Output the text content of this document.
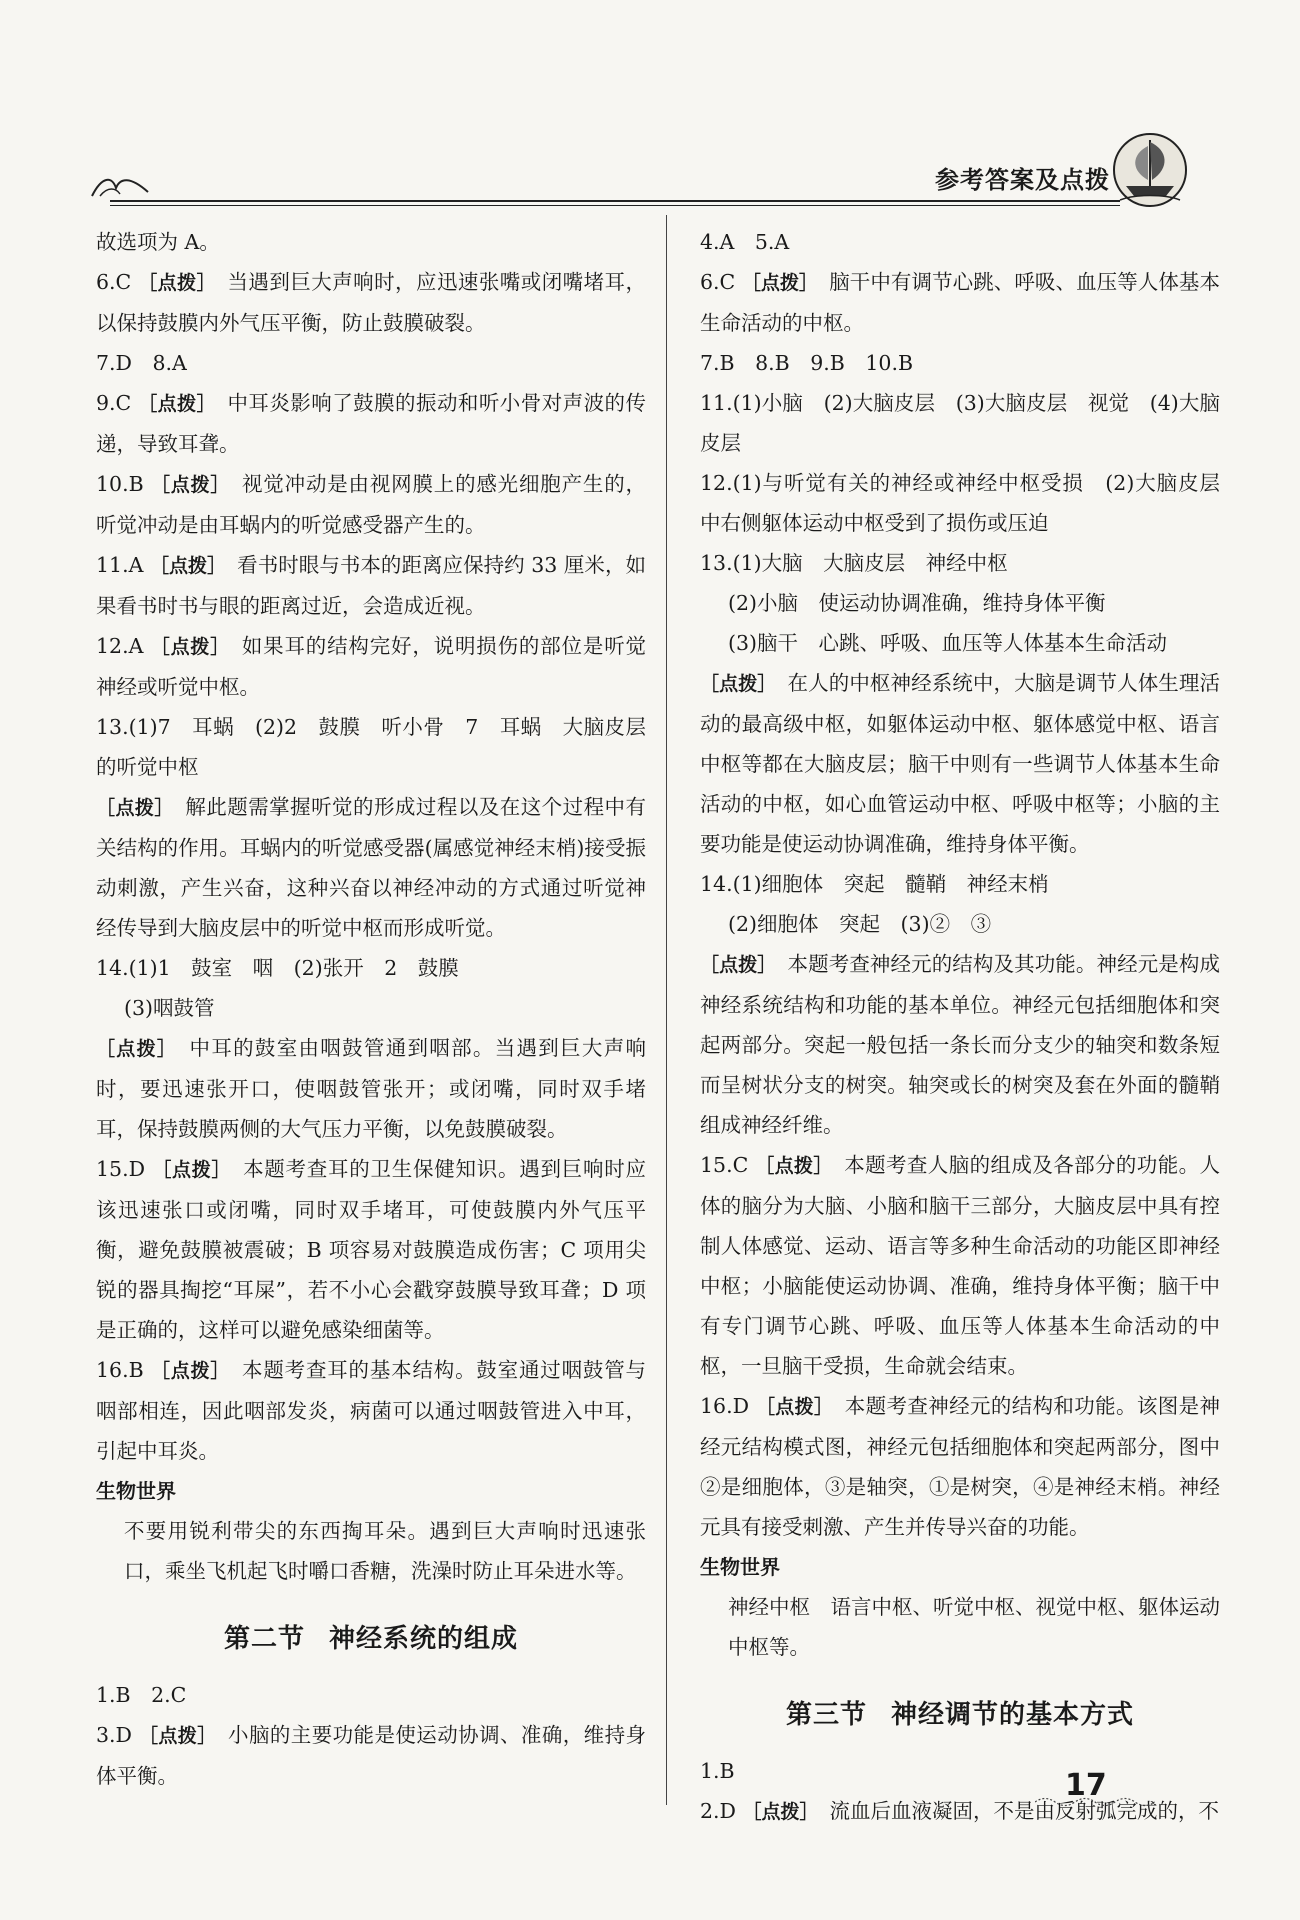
参考答案及点拨

故选项为 A。

6.C ［点拨］　 当遇到巨大声响时，应迅速张嘴或闭嘴堵耳，以保持鼓膜内外气压平衡，防止鼓膜破裂。

7.D　8.A

9.C ［点拨］　 中耳炎影响了鼓膜的振动和听小骨对声波的传递，导致耳聋。

10.B ［点拨］　 视觉冲动是由视网膜上的感光细胞产生的，听觉冲动是由耳蜗内的听觉感受器产生的。

11.A ［点拨］　 看书时眼与书本的距离应保持约 33 厘米，如果看书时书与眼的距离过近，会造成近视。

12.A ［点拨］　 如果耳的结构完好，说明损伤的部位是听觉神经或听觉中枢。

13.(1)7　耳蜗　(2)2　鼓膜　听小骨　7　耳蜗　大脑皮层的听觉中枢

［点拨］　 解此题需掌握听觉的形成过程以及在这个过程中有关结构的作用。耳蜗内的听觉感受器(属感觉神经末梢)接受振动刺激，产生兴奋，这种兴奋以神经冲动的方式通过听觉神经传导到大脑皮层中的听觉中枢而形成听觉。

14.(1)1　鼓室　咽　(2)张开　2　鼓膜

(3)咽鼓管

［点拨］　 中耳的鼓室由咽鼓管通到咽部。当遇到巨大声响时，要迅速张开口，使咽鼓管张开；或闭嘴，同时双手堵耳，保持鼓膜两侧的大气压力平衡，以免鼓膜破裂。

15.D ［点拨］　 本题考查耳的卫生保健知识。遇到巨响时应该迅速张口或闭嘴，同时双手堵耳，可使鼓膜内外气压平衡，避免鼓膜被震破；B 项容易对鼓膜造成伤害；C 项用尖锐的器具掏挖“耳屎”，若不小心会戳穿鼓膜导致耳聋；D 项是正确的，这样可以避免感染细菌等。

16.B ［点拨］　 本题考查耳的基本结构。鼓室通过咽鼓管与咽部相连，因此咽部发炎，病菌可以通过咽鼓管进入中耳，引起中耳炎。

生物世界

不要用锐利带尖的东西掏耳朵。遇到巨大声响时迅速张口，乘坐飞机起飞时嚼口香糖，洗澡时防止耳朵进水等。

第二节 神经系统的组成

1.B　2.C

3.D ［点拨］　 小脑的主要功能是使运动协调、准确，维持身体平衡。

4.A　5.A

6.C ［点拨］　 脑干中有调节心跳、呼吸、血压等人体基本生命活动的中枢。

7.B　8.B　9.B　10.B

11.(1)小脑　(2)大脑皮层　(3)大脑皮层　视觉　(4)大脑皮层

12.(1)与听觉有关的神经或神经中枢受损　(2)大脑皮层中右侧躯体运动中枢受到了损伤或压迫

13.(1)大脑　大脑皮层　神经中枢

(2)小脑　使运动协调准确，维持身体平衡

(3)脑干　心跳、呼吸、血压等人体基本生命活动

［点拨］　 在人的中枢神经系统中，大脑是调节人体生理活动的最高级中枢，如躯体运动中枢、躯体感觉中枢、语言中枢等都在大脑皮层；脑干中则有一些调节人体基本生命活动的中枢，如心血管运动中枢、呼吸中枢等；小脑的主要功能是使运动协调准确，维持身体平衡。

14.(1)细胞体　突起　髓鞘　神经末梢

(2)细胞体　突起　(3)②　③

［点拨］　 本题考查神经元的结构及其功能。神经元是构成神经系统结构和功能的基本单位。神经元包括细胞体和突起两部分。突起一般包括一条长而分支少的轴突和数条短而呈树状分支的树突。轴突或长的树突及套在外面的髓鞘组成神经纤维。

15.C ［点拨］　 本题考查人脑的组成及各部分的功能。人体的脑分为大脑、小脑和脑干三部分，大脑皮层中具有控制人体感觉、运动、语言等多种生命活动的功能区即神经中枢；小脑能使运动协调、准确，维持身体平衡；脑干中有专门调节心跳、呼吸、血压等人体基本生命活动的中枢，一旦脑干受损，生命就会结束。

16.D ［点拨］　 本题考查神经元的结构和功能。该图是神经元结构模式图，神经元包括细胞体和突起两部分，图中②是细胞体，③是轴突，①是树突，④是神经末梢。神经元具有接受刺激、产生并传导兴奋的功能。

生物世界

神经中枢　语言中枢、听觉中枢、视觉中枢、躯体运动中枢等。

第三节 神经调节的基本方式

1.B

2.D ［点拨］　 流血后血液凝固，不是由反射弧完成的，不

17
